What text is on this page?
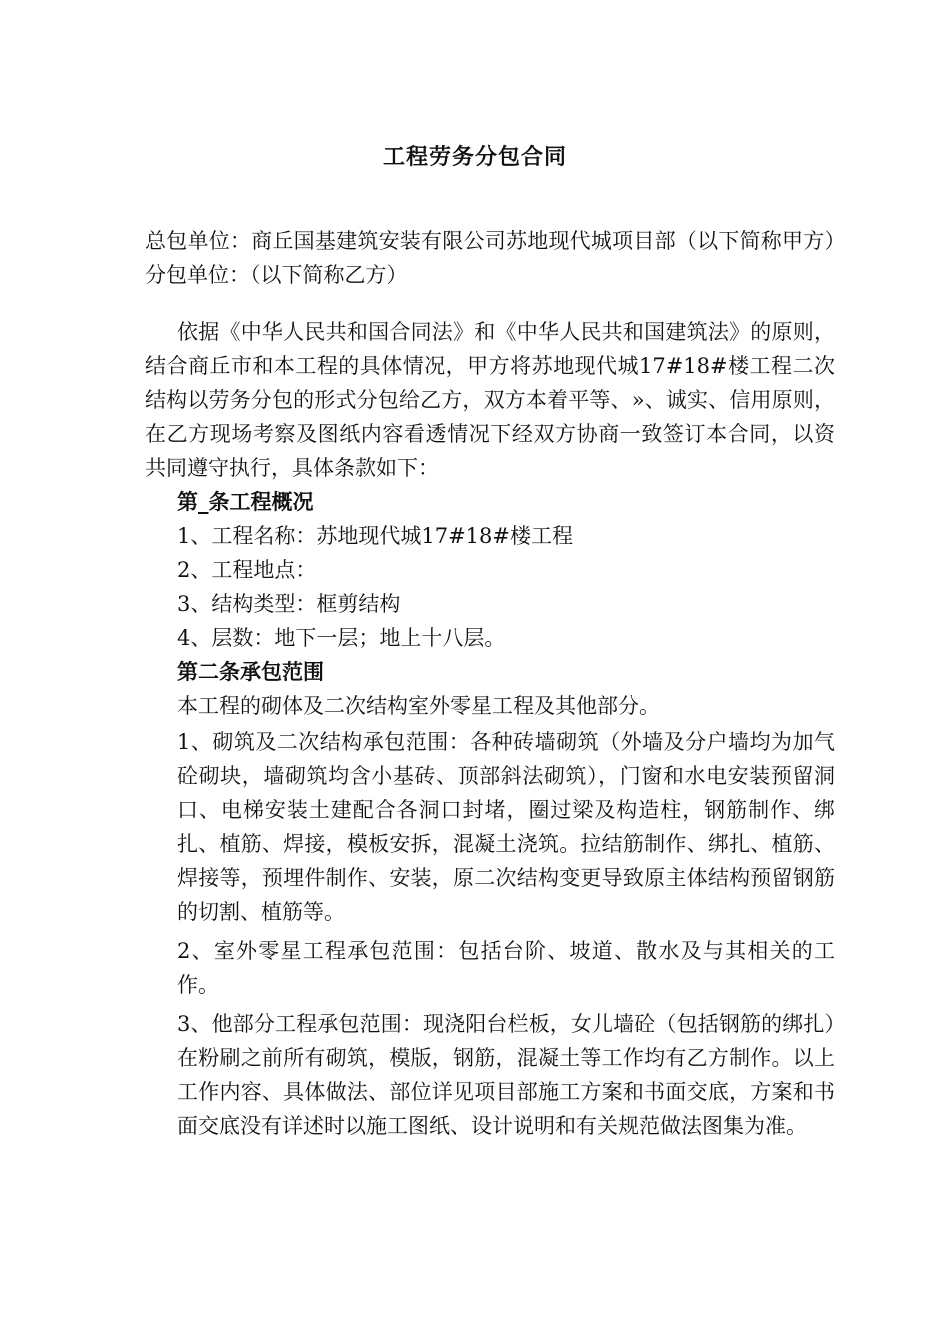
工程劳务分包合同

总包单位：商丘国基建筑安装有限公司苏地现代城项目部（以下简称甲方）分包单位：（以下简称乙方）

依据《中华人民共和国合同法》和《中华人民共和国建筑法》的原则，结合商丘市和本工程的具体情况，甲方将苏地现代城17#18#楼工程二次结构以劳务分包的形式分包给乙方，双方本着平等、»、诚实、信用原则，在乙方现场考察及图纸内容看透情况下经双方协商一致签订本合同，以资共同遵守执行，具体条款如下：

第_条工程概况

1、工程名称：苏地现代城17#18#楼工程

2、工程地点：

3、结构类型：框剪结构

4、层数：地下一层；地上十八层。

第二条承包范围

本工程的砌体及二次结构室外零星工程及其他部分。

1、砌筑及二次结构承包范围：各种砖墙砌筑（外墙及分户墙均为加气砼砌块，墙砌筑均含小基砖、顶部斜法砌筑），门窗和水电安装预留洞口、电梯安装土建配合各洞口封堵，圈过梁及构造柱，钢筋制作、绑扎、植筋、焊接，模板安拆，混凝土浇筑。拉结筋制作、绑扎、植筋、焊接等，预埋件制作、安装，原二次结构变更导致原主体结构预留钢筋的切割、植筋等。

2、室外零星工程承包范围：包括台阶、坡道、散水及与其相关的工作。

3、他部分工程承包范围：现浇阳台栏板，女儿墙砼（包括钢筋的绑扎）在粉刷之前所有砌筑，模版，钢筋，混凝土等工作均有乙方制作。以上工作内容、具体做法、部位详见项目部施工方案和书面交底，方案和书面交底没有详述时以施工图纸、设计说明和有关规范做法图集为准。
